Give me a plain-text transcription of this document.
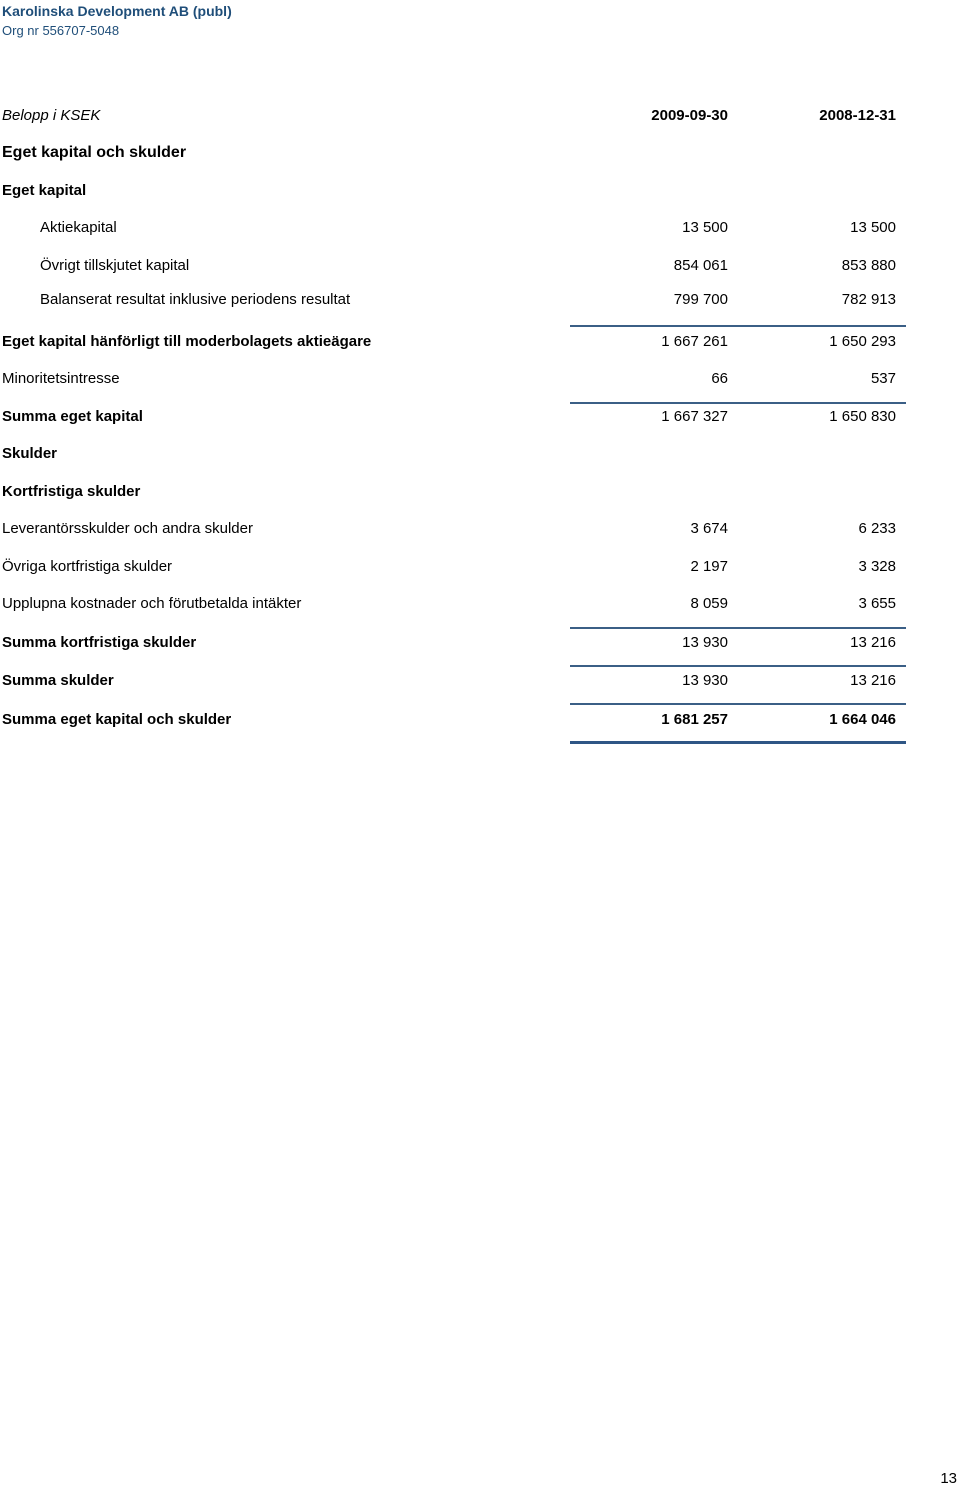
Karolinska Development AB (publ)
Org nr 556707-5048
Belopp i KSEK	2009-09-30	2008-12-31
Eget kapital och skulder
Eget kapital
Aktiekapital	13 500	13 500
Övrigt tillskjutet kapital	854 061	853 880
Balanserat resultat inklusive periodens resultat	799 700	782 913
Eget kapital hänförligt till moderbolagets aktieägare	1 667 261	1 650 293
Minoritetsintresse	66	537
Summa eget kapital	1 667 327	1 650 830
Skulder
Kortfristiga skulder
Leverantörsskulder och andra skulder	3 674	6 233
Övriga kortfristiga skulder	2 197	3 328
Upplupna kostnader och förutbetalda intäkter	8 059	3 655
Summa kortfristiga skulder	13 930	13 216
Summa skulder	13 930	13 216
Summa eget kapital och skulder	1 681 257	1 664 046
13
